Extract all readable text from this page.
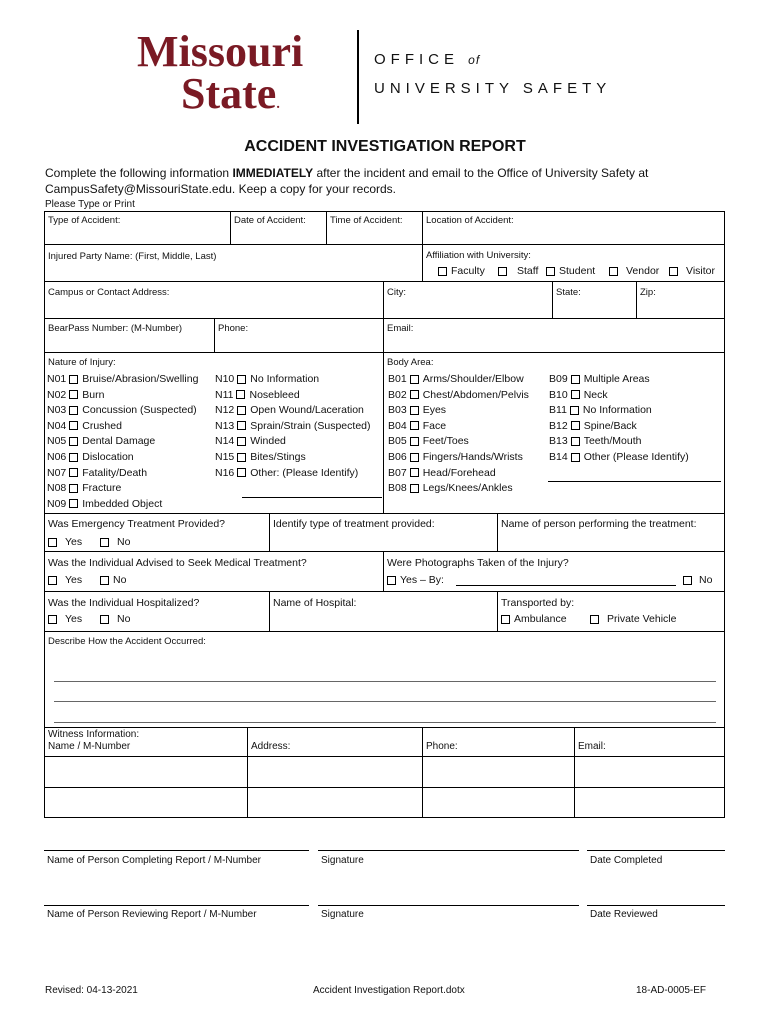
Missouri
State.
OFFICE of
UNIVERSITY SAFETY
ACCIDENT INVESTIGATION REPORT
Complete the following information IMMEDIATELY after the incident and email to the Office of University Safety at
CampusSafety@MissouriState.edu. Keep a copy for your records.
Please Type or Print
Type of Accident:	Date of Accident:	Time of Accident: Location of Accident:
Injured Party Name: (First, Middle, Last)	Affiliation with University:
Faculty	Staff Student	Vendor	Visitor
Campus or Contact Address:	City:	State:	Zip:
BearPass Number: (M-Number)	Phone:	Email:
Nature of Injury:	Body Area:
N01 Bruise/Abrasion/Swelling
N02 Burn
N03 Concussion (Suspected)
N04 Crushed
N05 Dental Damage
N06 Dislocation
N07 Fatality/Death
N08 Fracture
N09 Imbedded Object
N10 No Information
N11 Nosebleed
N12 Open Wound/Laceration
N13 Sprain/Strain (Suspected)
N14 Winded
N15 Bites/Stings
N16 Other: (Please Identify)
B01 Arms/Shoulder/Elbow
B02 Chest/Abdomen/Pelvis
B03 Eyes
B04 Face
B05 Feet/Toes
B06 Fingers/Hands/Wrists
B07 Head/Forehead
B08 Legs/Knees/Ankles
B09 Multiple Areas
B10 Neck
B11 No Information
B12 Spine/Back
B13 Teeth/Mouth
B14 Other (Please Identify)
Was Emergency Treatment Provided?
Yes	No
Identify type of treatment provided:	Name of person performing the treatment:
Was the Individual Advised to Seek Medical Treatment?
Yes	No
Were Photographs Taken of the Injury?
Yes – By:	No
Was the Individual Hospitalized?
Yes	No
Name of Hospital:	Transported by:
Ambulance	Private Vehicle
Describe How the Accident Occurred:
Witness Information:
Name / M-Number	Address:	Phone:	Email:
Name of Person Completing Report / M-Number	Signature	Date Completed
Name of Person Reviewing Report / M-Number	Signature	Date Reviewed
Revised: 04-13-2021	Accident Investigation Report.dotx	18-AD-0005-EF
